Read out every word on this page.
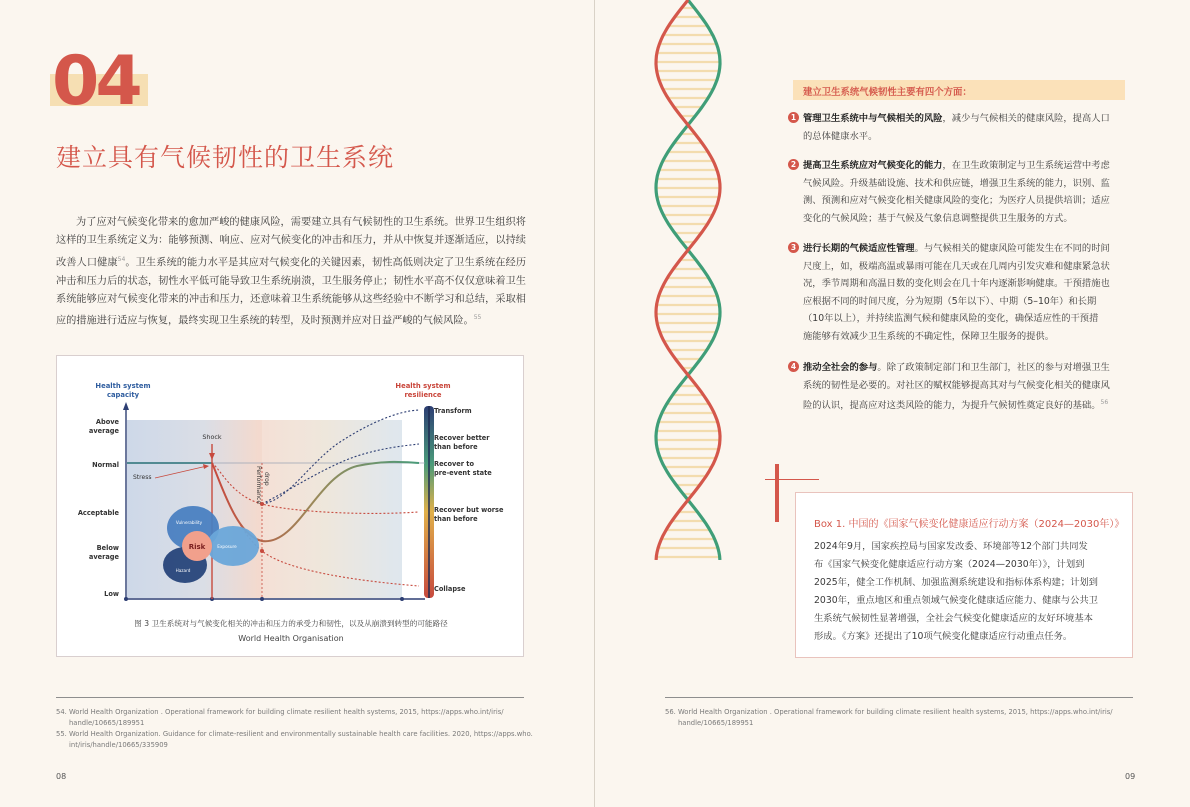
04
建立具有气候韧性的卫生系统

为了应对气候变化带来的愈加严峻的健康风险，需要建立具有气候韧性的卫生系统。世界卫生组织将这样的卫生系统定义为：能够预测、响应、应对气候变化的冲击和压力，并从中恢复并逐渐适应，以持续改善人口健康$^{54}$。卫生系统的能力水平是其应对气候变化的关键因素，韧性高低则决定了卫生系统在经历冲击和压力后的状态，韧性水平低可能导致卫生系统崩溃，卫生服务停止；韧性水平高不仅仅意味着卫生系统能够应对气候变化带来的冲击和压力，还意味着卫生系统能够从这些经验中不断学习和总结，采取相应的措施进行适应与恢复，最终实现卫生系统的转型，及时预测并应对日益严峻的气候风险。$^{55}$

Health system
capacity
Health system
resilience
Above
average
Normal
Acceptable
Below
average
Low
Shock
Performance drop
Stress
Risk
Vulnerability
Exposure
Hazard
Transform
Recover better
than before
Recover to
pre-event state
Recover but worse
than before
Collapse
图 3 卫生系统对与气候变化相关的冲击和压力的承受力和韧性，以及从崩溃到转型的可能路径
World Health Organisation
54. World Health Organization . Operational framework for building climate resilient health systems, 2015, https://apps.who.int/iris/
handle/10665/189951
55. World Health Organization. Guidance for climate-resilient and environmentally sustainable health care facilities. 2020, https://apps.who.
int/iris/handle/10665/335909
08
建立卫生系统气候韧性主要有四个方面：
1 管理卫生系统中与气候相关的风险，减少与气候相关的健康风险，提高人口
的总体健康水平。
2 提高卫生系统应对气候变化的能力，在卫生政策制定与卫生系统运营中考虑
气候风险。升级基础设施、技术和供应链，增强卫生系统的能力，识别、监
测、预测和应对气候变化相关健康风险的变化；为医疗人员提供培训；适应
变化的气候风险；基于气候及气象信息调整提供卫生服务的方式。
3 进行长期的气候适应性管理。与气候相关的健康风险可能发生在不同的时间
尺度上，如，极端高温或暴雨可能在几天或在几周内引发灾难和健康紧急状
况，季节周期和高温日数的变化则会在几十年内逐渐影响健康。干预措施也
应根据不同的时间尺度，分为短期（5年以下）、中期（5–10年）和长期
（10年以上），并持续监测气候和健康风险的变化，确保适应性的干预措
施能够有效减少卫生系统的不确定性，保障卫生服务的提供。
4 推动全社会的参与。除了政策制定部门和卫生部门，社区的参与对增强卫生
系统的韧性是必要的。对社区的赋权能够提高其对与气候变化相关的健康风
险的认识，提高应对这类风险的能力，为提升气候韧性奠定良好的基础。$^{56}$
Box 1. 中国的《国家气候变化健康适应行动方案（2024—2030年）》
2024年9月，国家疾控局与国家发改委、环境部等12个部门共同发
布《国家气候变化健康适应行动方案（2024—2030年）》，计划到
2025年，健全工作机制、加强监测系统建设和指标体系构建；计划到
2030年，重点地区和重点领域气候变化健康适应能力、健康与公共卫
生系统气候韧性显著增强，全社会气候变化健康适应的友好环境基本
形成。《方案》还提出了10项气候变化健康适应行动重点任务。
56. World Health Organization . Operational framework for building climate resilient health systems, 2015, https://apps.who.int/iris/
handle/10665/189951
09
